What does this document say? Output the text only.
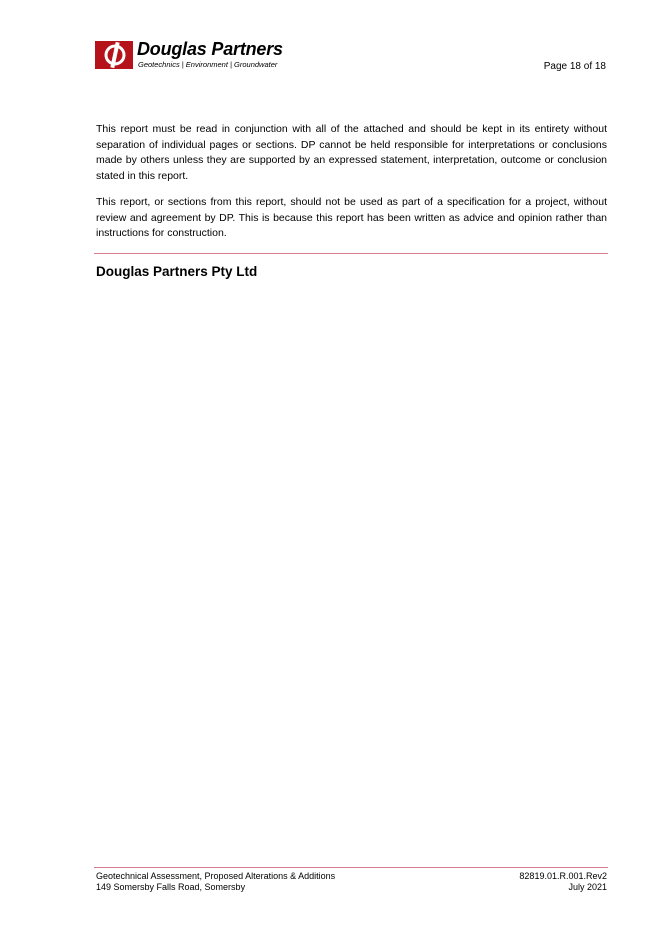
Douglas Partners
Geotechnics | Environment | Groundwater	Page 18 of 18

This report must be read in conjunction with all of the attached and should be kept in its entirety without separation of individual pages or sections. DP cannot be held responsible for interpretations or conclusions made by others unless they are supported by an expressed statement, interpretation, outcome or conclusion stated in this report.

This report, or sections from this report, should not be used as part of a specification for a project, without review and agreement by DP. This is because this report has been written as advice and opinion rather than instructions for construction.

Douglas Partners Pty Ltd
Geotechnical Assessment, Proposed Alterations & Additions
149 Somersby Falls Road, Somersby
82819.01.R.001.Rev2
July 2021
